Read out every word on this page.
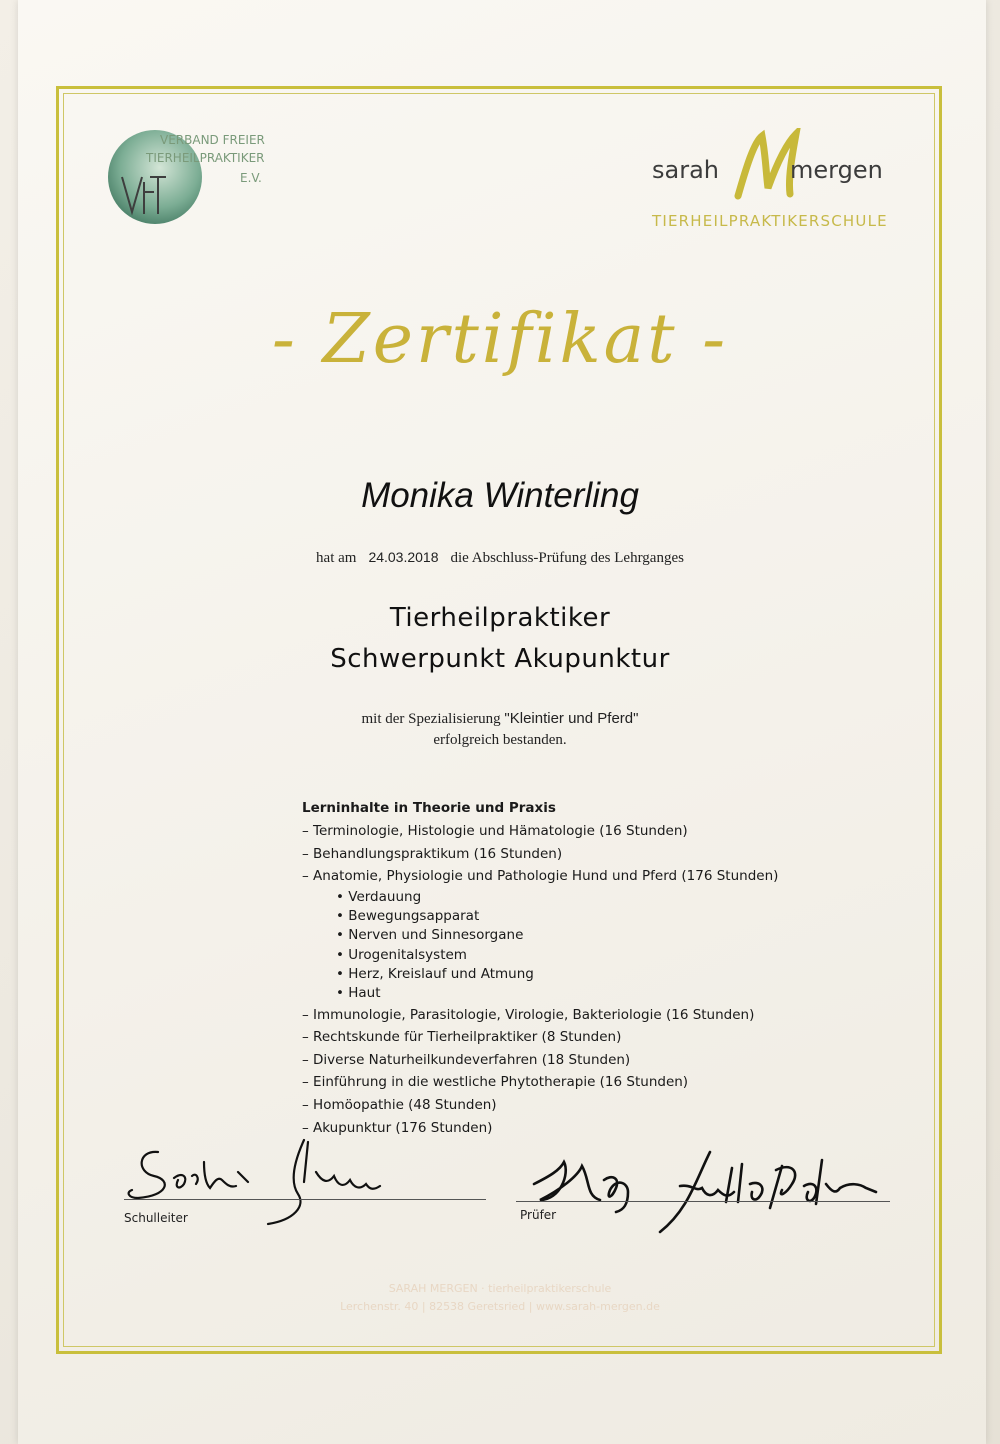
VERBAND FREIER
TIERHEILPRAKTIKER
E.V.	sarah	mergen
TIERHEILPRAKTIKERSCHULE
- Zertifikat -
Monika Winterling
hat am 24.03.2018 die Abschluss-Prüfung des Lehrganges
Tierheilpraktiker
Schwerpunkt Akupunktur
mit der Spezialisierung "Kleintier und Pferd"
erfolgreich bestanden.
Lerninhalte in Theorie und Praxis
– Terminologie, Histologie und Hämatologie (16 Stunden)
– Behandlungspraktikum (16 Stunden)
– Anatomie, Physiologie und Pathologie Hund und Pferd (176 Stunden)
• Verdauung
• Bewegungsapparat
• Nerven und Sinnesorgane
• Urogenitalsystem
• Herz, Kreislauf und Atmung
• Haut
– Immunologie, Parasitologie, Virologie, Bakteriologie (16 Stunden)
– Rechtskunde für Tierheilpraktiker (8 Stunden)
– Diverse Naturheilkundeverfahren (18 Stunden)
– Einführung in die westliche Phytotherapie (16 Stunden)
– Homöopathie (48 Stunden)
– Akupunktur (176 Stunden)
Schulleiter	Prüfer
SARAH MERGEN · tierheilpraktikerschule
Lerchenstr. 40 | 82538 Geretsried | www.sarah-mergen.de
